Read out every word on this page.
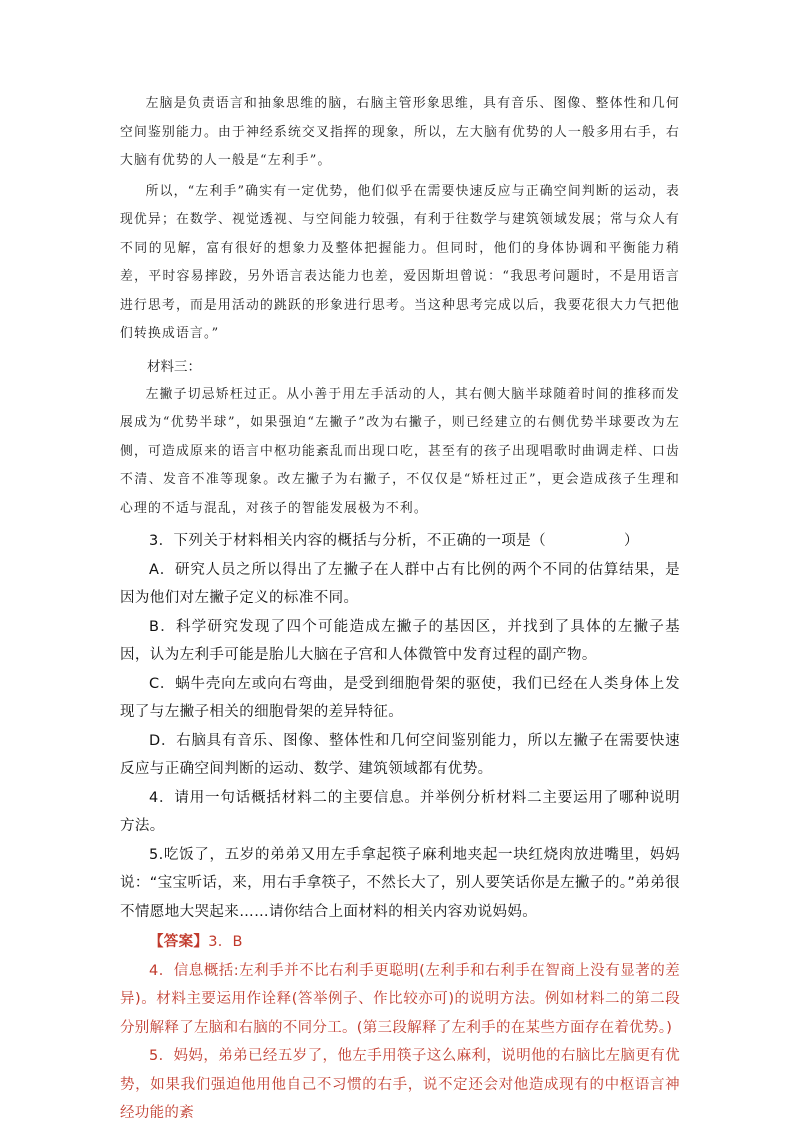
左脑是负责语言和抽象思维的脑，右脑主管形象思维，具有音乐、图像、整体性和几何空间鉴别能力。由于神经系统交叉指挥的现象，所以，左大脑有优势的人一般多用右手，右大脑有优势的人一般是“左利手”。

所以，“左利手”确实有一定优势，他们似乎在需要快速反应与正确空间判断的运动，表现优异；在数学、视觉透视、与空间能力较强，有利于往数学与建筑领域发展；常与众人有不同的见解，富有很好的想象力及整体把握能力。但同时，他们的身体协调和平衡能力稍差，平时容易摔跤，另外语言表达能力也差，爱因斯坦曾说：“我思考问题时，不是用语言进行思考，而是用活动的跳跃的形象进行思考。当这种思考完成以后，我要花很大力气把他们转换成语言。”

材料三：

左撇子切忌矫枉过正。从小善于用左手活动的人，其右侧大脑半球随着时间的推移而发展成为“优势半球”，如果强迫“左撇子”改为右撇子，则已经建立的右侧优势半球要改为左侧，可造成原来的语言中枢功能紊乱而出现口吃，甚至有的孩子出现唱歌时曲调走样、口齿不清、发音不准等现象。改左撇子为右撇子，不仅仅是“矫枉过正”，更会造成孩子生理和心理的不适与混乱，对孩子的智能发展极为不利。

3．下列关于材料相关内容的概括与分析，不正确的一项是（	）

A．研究人员之所以得出了左撇子在人群中占有比例的两个不同的估算结果，是因为他们对左撇子定义的标准不同。

B．科学研究发现了四个可能造成左撇子的基因区，并找到了具体的左撇子基因，认为左利手可能是胎儿大脑在子宫和人体微管中发育过程的副产物。

C．蜗牛壳向左或向右弯曲，是受到细胞骨架的驱使，我们已经在人类身体上发现了与左撇子相关的细胞骨架的差异特征。

D．右脑具有音乐、图像、整体性和几何空间鉴别能力，所以左撇子在需要快速反应与正确空间判断的运动、数学、建筑领域都有优势。

4．请用一句话概括材料二的主要信息。并举例分析材料二主要运用了哪种说明方法。

5.吃饭了，五岁的弟弟又用左手拿起筷子麻利地夹起一块红烧肉放进嘴里，妈妈说：“宝宝听话，来，用右手拿筷子，不然长大了，别人要笑话你是左撇子的。”弟弟很不情愿地大哭起来……请你结合上面材料的相关内容劝说妈妈。

【答案】3．B

4．信息概括:左利手并不比右利手更聪明(左利手和右利手在智商上没有显著的差异)。材料主要运用作诠释(答举例子、作比较亦可)的说明方法。例如材料二的第二段分别解释了左脑和右脑的不同分工。(第三段解释了左利手的在某些方面存在着优势。)

5．妈妈，弟弟已经五岁了，他左手用筷子这么麻利，说明他的右脑比左脑更有优势，如果我们强迫他用他自己不习惯的右手，说不定还会对他造成现有的中枢语言神经功能的紊
